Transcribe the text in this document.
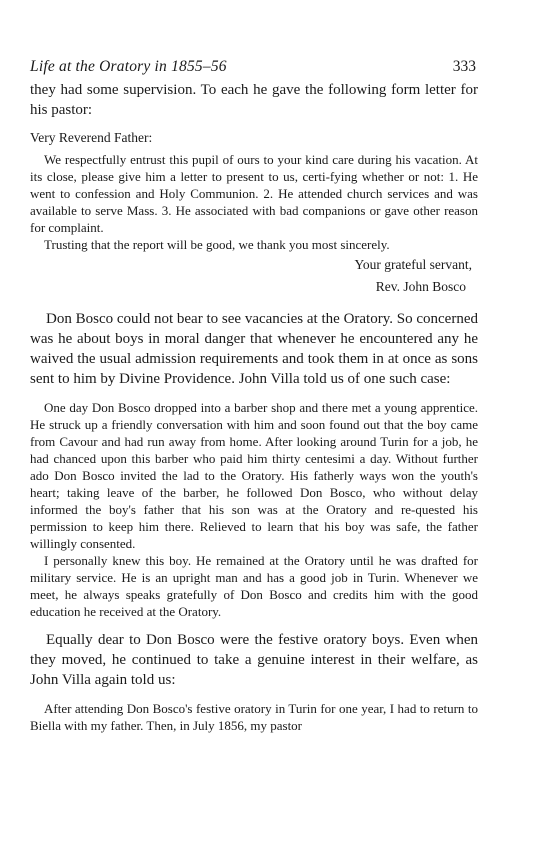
Life at the Oratory in 1855–56	333

they had some supervision. To each he gave the following form letter for his pastor:

Very Reverend Father:

We respectfully entrust this pupil of ours to your kind care during his vacation. At its close, please give him a letter to present to us, certi-fying whether or not: 1. He went to confession and Holy Communion. 2. He attended church services and was available to serve Mass. 3. He associated with bad companions or gave other reason for complaint.

Trusting that the report will be good, we thank you most sincerely.

Your grateful servant,

Rev. John Bosco

Don Bosco could not bear to see vacancies at the Oratory. So concerned was he about boys in moral danger that whenever he encountered any he waived the usual admission requirements and took them in at once as sons sent to him by Divine Providence. John Villa told us of one such case:

One day Don Bosco dropped into a barber shop and there met a young apprentice. He struck up a friendly conversation with him and soon found out that the boy came from Cavour and had run away from home. After looking around Turin for a job, he had chanced upon this barber who paid him thirty centesimi a day. Without further ado Don Bosco invited the lad to the Oratory. His fatherly ways won the youth's heart; taking leave of the barber, he followed Don Bosco, who without delay informed the boy's father that his son was at the Oratory and re-quested his permission to keep him there. Relieved to learn that his boy was safe, the father willingly consented.

I personally knew this boy. He remained at the Oratory until he was drafted for military service. He is an upright man and has a good job in Turin. Whenever we meet, he always speaks gratefully of Don Bosco and credits him with the good education he received at the Oratory.

Equally dear to Don Bosco were the festive oratory boys. Even when they moved, he continued to take a genuine interest in their welfare, as John Villa again told us:

After attending Don Bosco's festive oratory in Turin for one year, I had to return to Biella with my father. Then, in July 1856, my pastor
